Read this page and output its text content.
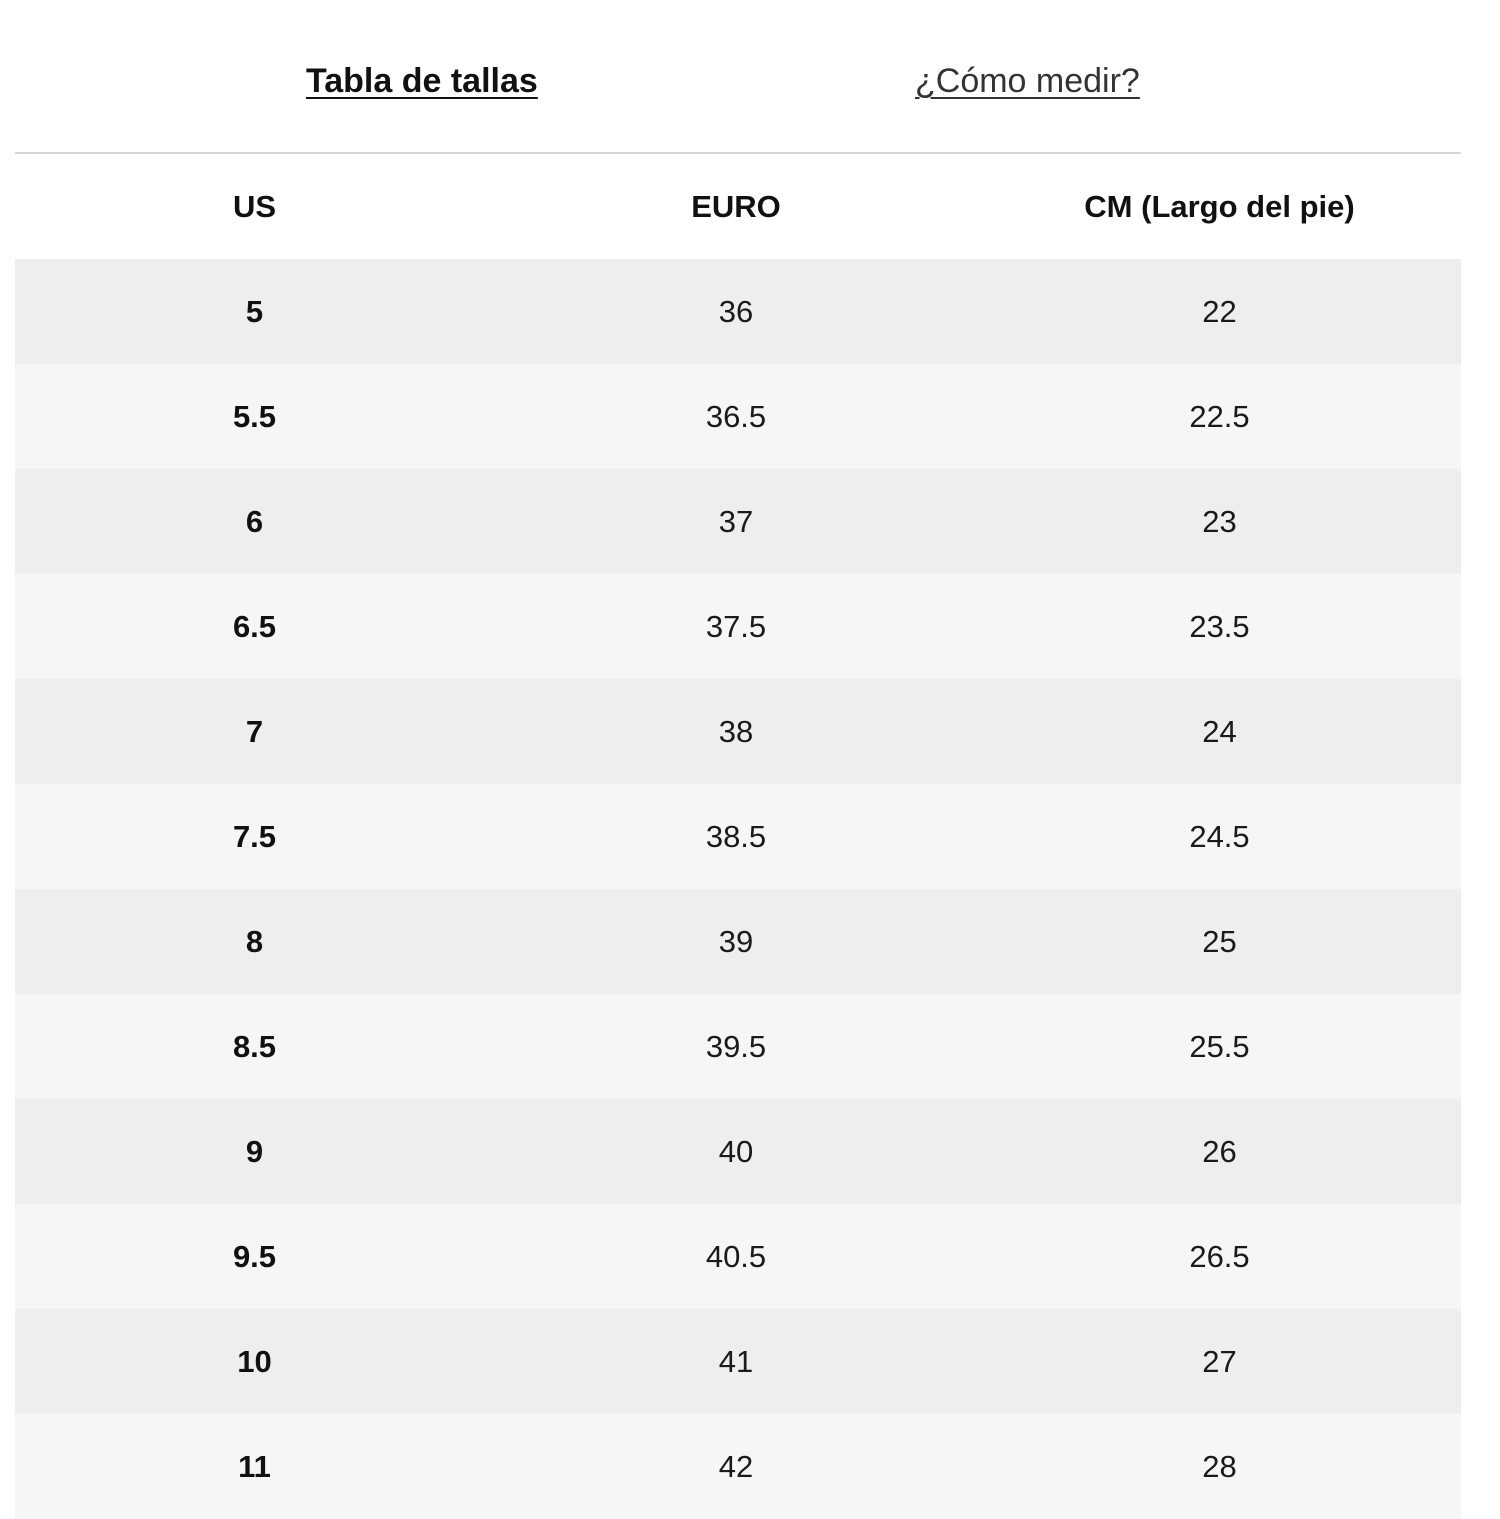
Tabla de tallas	¿Cómo medir?
US	EURO	CM (Largo del pie)
5	36	22
5.5	36.5	22.5
6	37	23
6.5	37.5	23.5
7	38	24
7.5	38.5	24.5
8	39	25
8.5	39.5	25.5
9	40	26
9.5	40.5	26.5
10	41	27
11	42	28
